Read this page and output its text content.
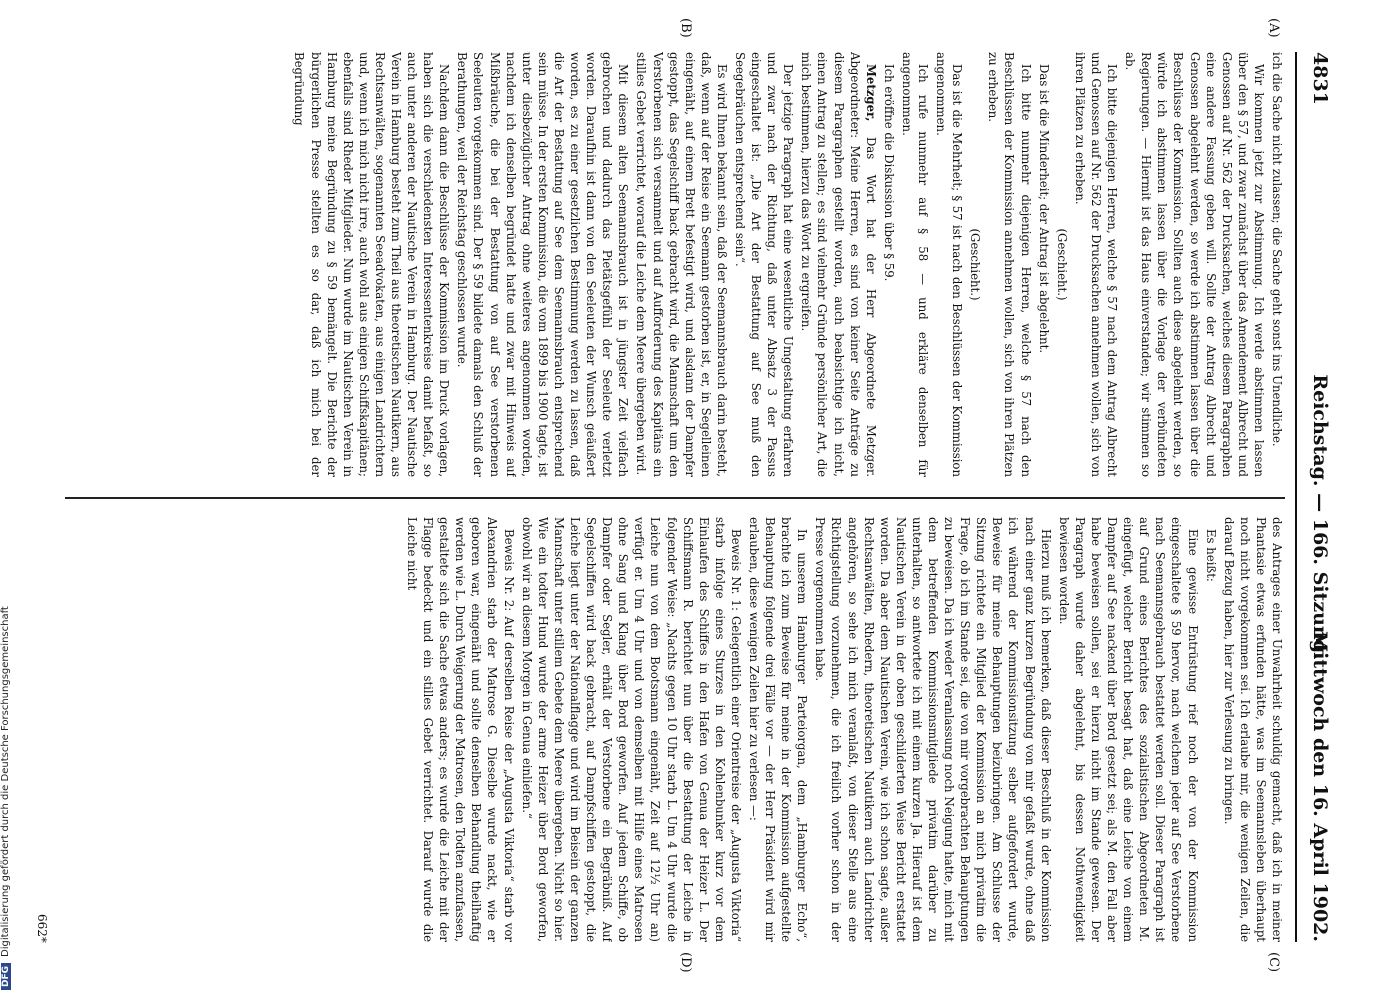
4831
Reichstag. — 166. Sitzung.
Mittwoch den 16. April 1902.
(A)
(B)
(C)
(D)

ich die Sache nicht zulassen; die Sache geht sonst ins Unendliche.

Wir kommen jetzt zur Abstimmung. Ich werde abstimmen lassen über den § 57, und zwar zunächst über das Amendement Albrecht und Genossen auf Nr. 562 der Drucksachen, welches diesem Paragraphen eine andere Fassung geben will. Sollte der Antrag Albrecht und Genossen abgelehnt werden, so werde ich abstimmen lassen über die Beschlüsse der Kommission. Sollten auch diese abgelehnt werden, so würde ich abstimmen lassen über die Vorlage der verbündeten Regierungen. — Hiermit ist das Haus einverstanden; wir stimmen so ab.

Ich bitte diejenigen Herren, welche § 57 nach dem Antrag Albrecht und Genossen auf Nr. 562 der Drucksachen annehmen wollen, sich von ihren Plätzen zu erheben.

(Geschieht.)

Das ist die Minderheit; der Antrag ist abgelehnt.

Ich bitte nunmehr diejenigen Herren, welche § 57 nach den Beschlüssen der Kommission annehmen wollen, sich von ihren Plätzen zu erheben.

(Geschieht.)

Das ist die Mehrheit; § 57 ist nach den Beschlüssen der Kommission angenommen.

Ich rufe nunmehr auf § 58 — und erkläre denselben für angenommen.

Ich eröffne die Diskussion über § 59.

Metzger, Das Wort hat der Herr Abgeordnete Metzger. Abgeordneter: Meine Herren, es sind von keiner Seite Anträge zu diesem Paragraphen gestellt worden, auch beabsichtige ich nicht, einen Antrag zu stellen; es sind vielmehr Gründe persönlicher Art, die mich bestimmen, hierzu das Wort zu ergreifen.

Der jetzige Paragraph hat eine wesentliche Umgestaltung erfahren und zwar nach der Richtung, daß unter Absatz 3 der Passus eingeschaltet ist: „Die Art der Bestattung auf See muß den Seegebräuchen entsprechend sein“.

Es wird Ihnen bekannt sein, daß der Seemannsbrauch darin besteht, daß, wenn auf der Reise ein Seemann gestorben ist, er, in Segelleinen eingenäht, auf einem Brett befestigt wird, und alsdann der Dampfer gestoppt, das Segelschiff back gebracht wird, die Mannschaft um den Verstorbenen sich versammelt und auf Aufforderung des Kapitäns ein stilles Gebet verrichtet, worauf die Leiche dem Meere übergeben wird.

Mit diesem alten Seemannsbrauch ist in jüngster Zeit vielfach gebrochen und dadurch das Pietätsgefühl der Seeleute verletzt worden. Daraufhin ist dann von den Seeleuten der Wunsch geäußert worden, es zu einer gesetzlichen Bestimmung werden zu lassen, daß die Art der Bestattung auf See dem Seemannsbrauch entsprechend sein müsse. In der ersten Kommission, die vom 1899 bis 1900 tagte, ist unter diesbezüglicher Antrag ohne weiteres angenommen worden, nachdem ich denselben begründet hatte und zwar mit Hinweis auf Mißbräuche, die bei der Bestattung von auf See verstorbenen Seeleuten vorgekommen sind. Der § 59 bildete damals den Schluß der Berathungen, weil der Reichstag geschlossen wurde.

Nachdem dann die Beschlüsse der Kommission im Druck vorlagen, haben sich die verschiedensten Interessentenkreise damit befaßt, so auch unter anderen der Nautische Verein in Hamburg. Der Nautische Verein in Hamburg besteht zum Theil aus theoretischen Nautikern, aus Rechtsanwälten, sogenannten Seeadvokaten, aus einigen Landrichtern und, wenn ich mich nicht irre, auch wohl aus einigen Schiffskapitänen; ebenfalls sind Rheder Mitglieder. Nun wurde im Nautischen Verein in Hamburg meine Begründung zu § 59 bemängelt. Die Berichte der bürgerlichen Presse stellten es so dar, daß ich mich bei der Begründung

des Antrages einer Unwahrheit schuldig gemacht, daß ich in meiner Phantasie etwas erfunden hätte, was im Seemannsleben überhaupt noch nicht vorgekommen sei. Ich erlaube mir, die wenigen Zeilen, die darauf Bezug haben, hier zur Verlesung zu bringen.

Es heißt:

Eine gewisse Entrüstung rief noch der von der Kommission eingeschaltete § 59 hervor, nach welchem jeder auf See Verstorbene nach Seemannsgebrauch bestattet werden soll. Dieser Paragraph ist auf Grund eines Berichtes des sozialistischen Abgeordneten M. eingefügt, welcher Bericht besagt hat, daß eine Leiche von einem Dampfer auf See nackend über Bord gesetzt sei; als M. den Fall aber habe beweisen sollen, sei er hierzu nicht im Stande gewesen. Der Paragraph wurde daher abgelehnt, bis dessen Nothwendigkeit bewiesen worden.

Hierzu muß ich bemerken, daß dieser Beschluß in der Kommission nach einer ganz kurzen Begründung von mir gefaßt wurde, ohne daß ich während der Kommissionsitzung selber aufgefordert wurde, Beweise für meine Behauptungen beizubringen. Am Schlusse der Sitzung richtete ein Mitglied der Kommission an mich privatim die Frage, ob ich im Stande sei, die von mir vorgebrachten Behauptungen zu beweisen. Da ich weder Veranlassung noch Neigung hatte, mich mit dem betreffenden Kommissionsmitgliede privatim darüber zu unterhalten, so antwortete ich mit einem kurzen Ja. Hierauf ist dem Nautischen Verein in der oben geschilderten Weise Bericht erstattet worden. Da aber dem Nautischen Verein, wie ich schon sagte, außer Rechtsanwälten, Rhedern, theoretischen Nautikern auch Landrichter angehören, so sehe ich mich veranlaßt, von dieser Stelle aus eine Richtigstellung vorzunehmen, die ich freilich vorher schon in der Presse vorgenommen habe.

In unserem Hamburger Parteiorgan, dem „Hamburger Echo“, brachte ich zum Beweise für meine in der Kommission aufgestellte Behauptung folgende drei Fälle vor — der Herr Präsident wird mir erlauben, diese wenigen Zeilen hier zu verlesen —:

Beweis Nr. 1: Gelegentlich einer Orientreise der „Augusta Viktoria“ starb infolge eines Sturzes in den Kohlenbunker kurz vor dem Einlaufen des Schiffes in den Hafen von Genua der Heizer L. Der Schiffsmann R. berichtet nun über die Bestattung der Leiche in folgender Weise: „Nachts gegen 10 Uhr starb L. Um 4 Uhr wurde die Leiche nun von dem Bootsmann eingenäht, Zeit auf 12½ Uhr an) verfügt er. Um 4 Uhr und von demselben mit Hilfe eines Matrosen ohne Sang und Klang über Bord geworfen. Auf jedem Schiffe, ob Dampfer oder Segler, erhält der Verstorbene ein Begräbniß. Auf Segelschiffen wird back gebracht, auf Dampfschiffen gestoppt, die Leiche liegt unter der Nationalflagge und wird im Beisein der ganzen Mannschaft unter stillem Gebete dem Meere übergeben. Nicht so hier. Wie ein todter Hund wurde der arme Heizer über Bord geworfen, obwohl wir an diesem Morgen in Genua einliefen.“

Beweis Nr. 2: Auf derselben Reise der „Augusta Viktoria“ starb vor Alexandrien starb der Matrose G. Dieselbe wurde nackt, wie er geboren war, eingenäht und sollte denselben Behandlung theilhaftig werden wie L. Durch Weigerung der Matrosen, den Todten anzufassen, gestaltete sich die Sache etwas anders; es wurde die Leiche mit der Flagge bedeckt und ein stilles Gebet verrichtet. Darauf wurde die Leiche nicht

662*
DFGDigitalisierung gefördert durch die Deutsche Forschungsgemeinschaft
